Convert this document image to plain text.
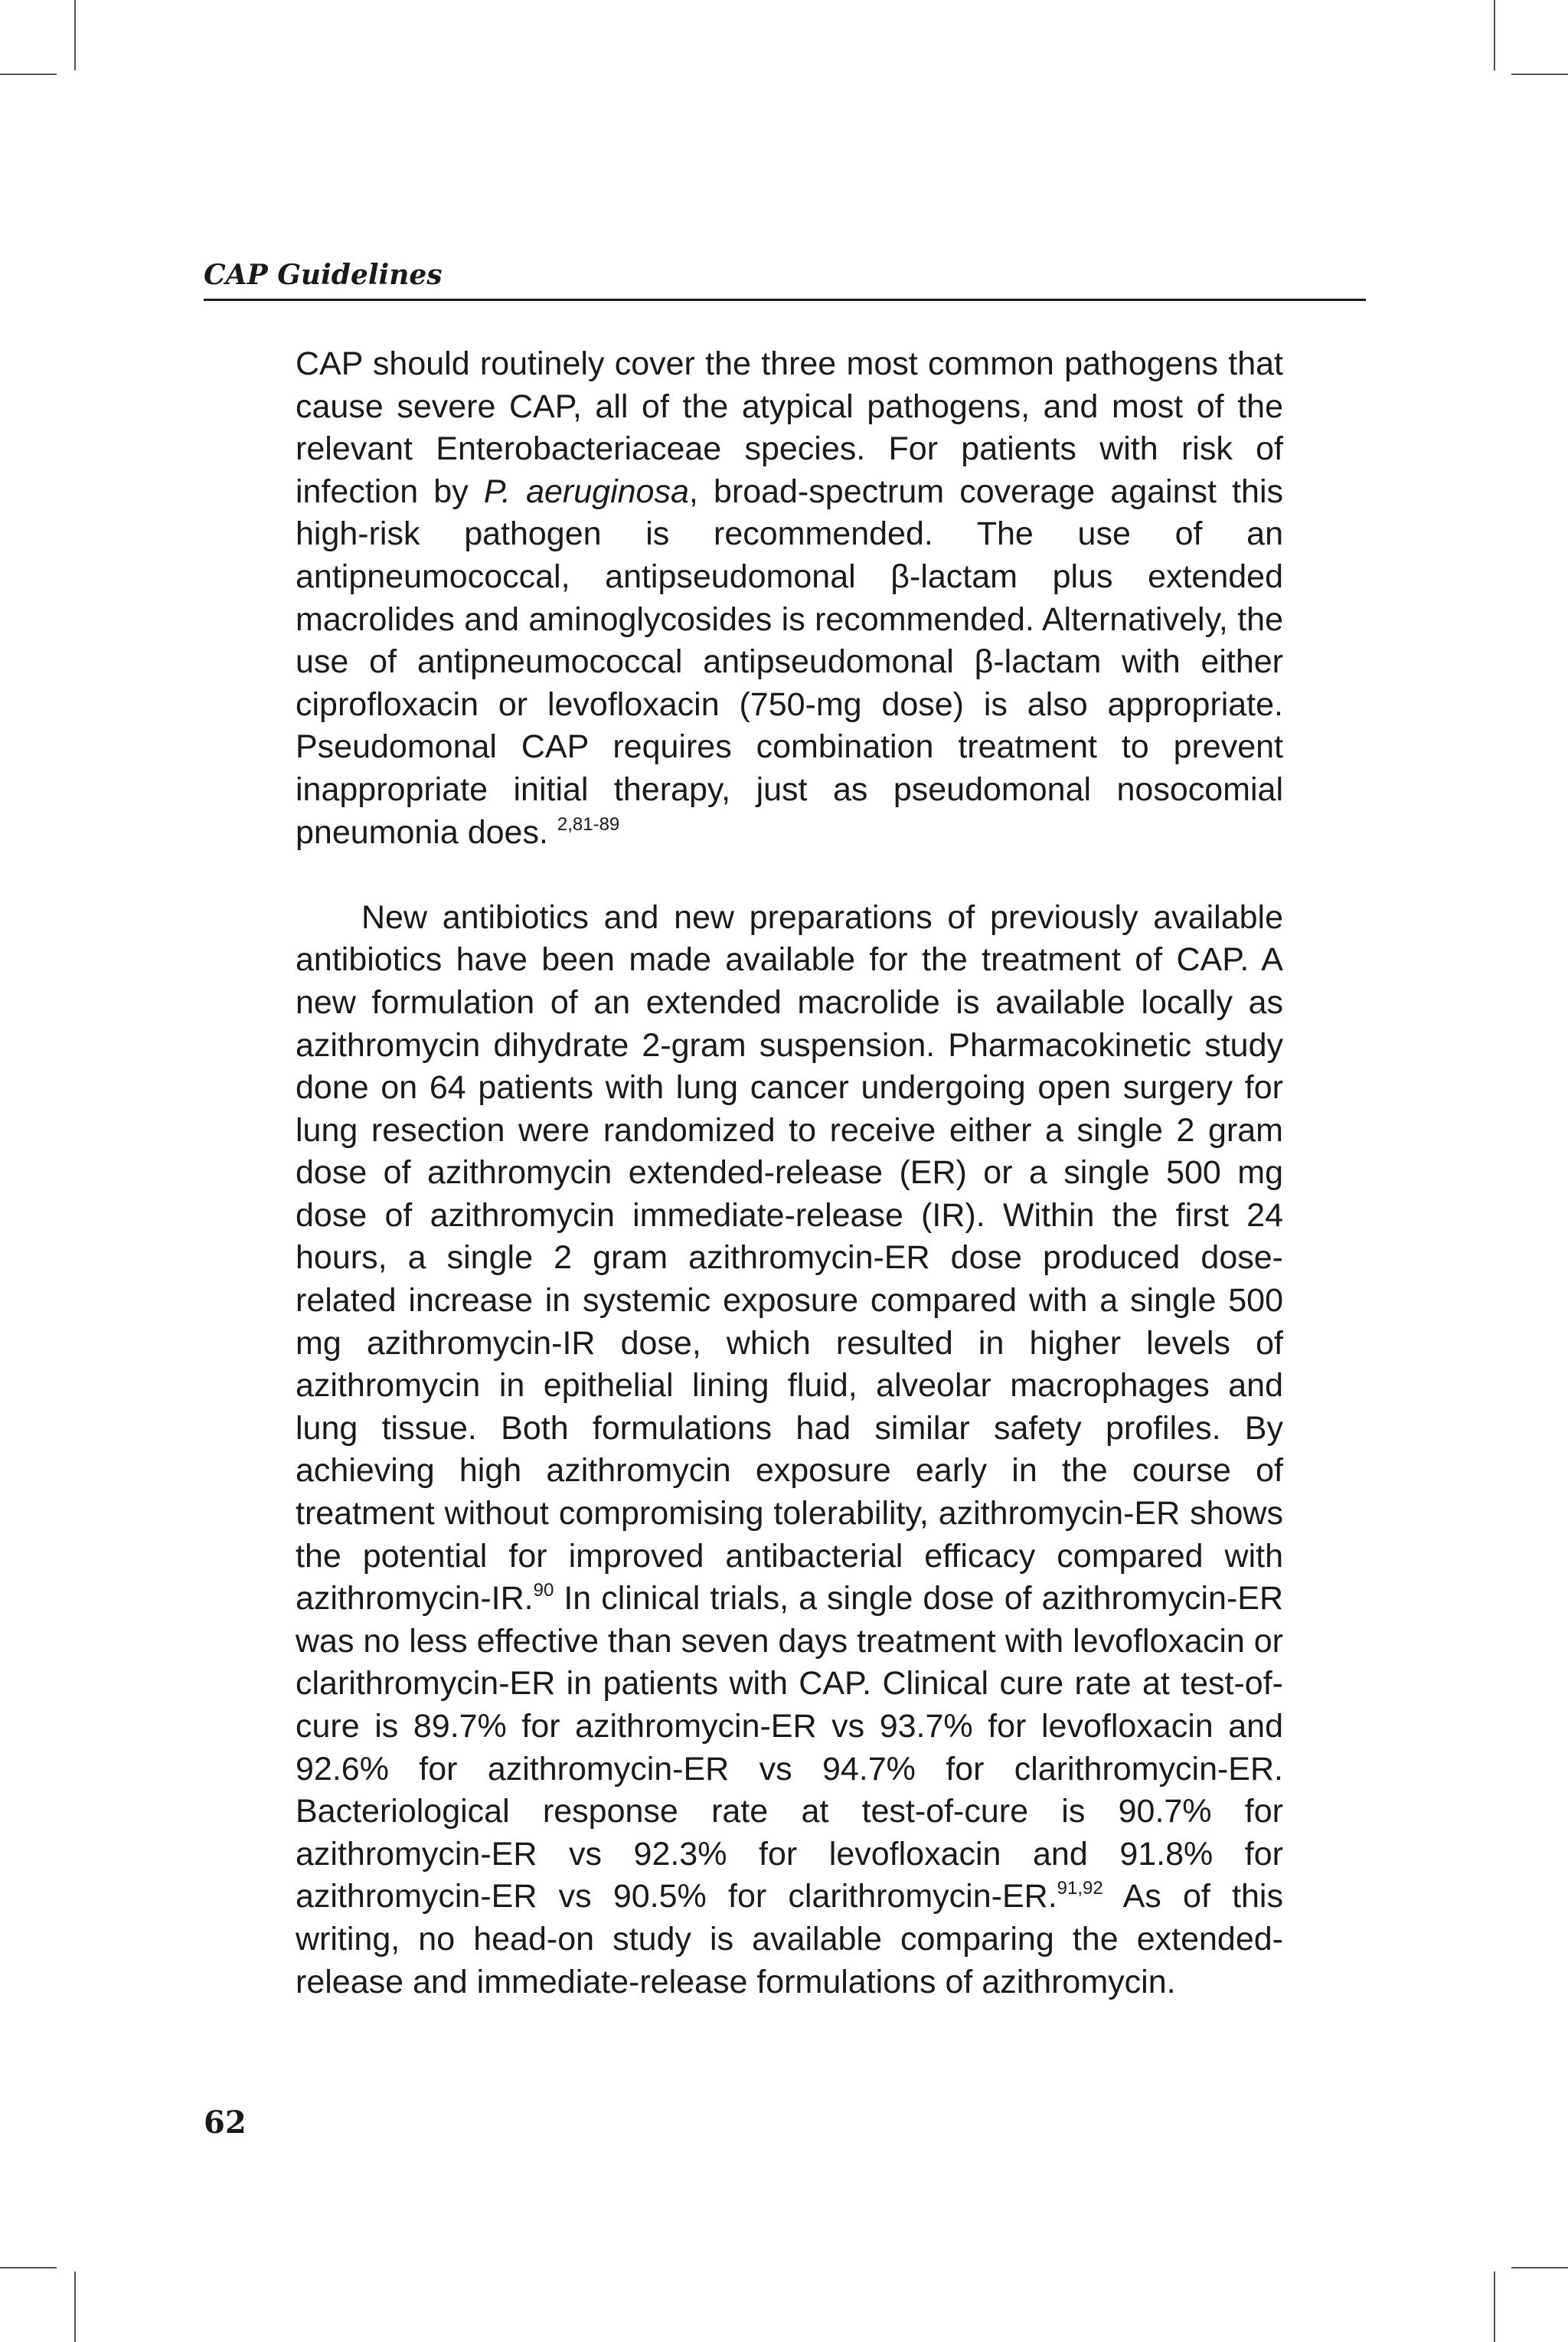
CAP Guidelines

CAP should routinely cover the three most common pathogens that cause severe CAP, all of the atypical pathogens, and most of the relevant Enterobacteriaceae species. For patients with risk of infection by P. aeruginosa, broad-spectrum coverage against this high-risk pathogen is recommended. The use of an antipneumococcal, antipseudomonal β-lactam plus extended macrolides and aminoglycosides is recommended. Alternatively, the use of antipneumococcal antipseudomonal β-lactam with either ciprofloxacin or levofloxacin (750-mg dose) is also appropriate. Pseudomonal CAP requires combination treatment to prevent inappropriate initial therapy, just as pseudomonal nosocomial pneumonia does. $^{2,81-89}$

New antibiotics and new preparations of previously available antibiotics have been made available for the treatment of CAP. A new formulation of an extended macrolide is available locally as azithromycin dihydrate 2-gram suspension. Pharmacokinetic study done on 64 patients with lung cancer undergoing open surgery for lung resection were randomized to receive either a single 2 gram dose of azithromycin extended-release (ER) or a single 500 mg dose of azithromycin immediate-release (IR). Within the first 24 hours, a single 2 gram azithromycin-ER dose produced dose-related increase in systemic exposure compared with a single 500 mg azithromycin-IR dose, which resulted in higher levels of azithromycin in epithelial lining fluid, alveolar macrophages and lung tissue. Both formulations had similar safety profiles. By achieving high azithromycin exposure early in the course of treatment without compromising tolerability, azithromycin-ER shows the potential for improved antibacterial efficacy compared with azithromycin-IR.$^{90}$ In clinical trials, a single dose of azithromycin-ER was no less effective than seven days treatment with levofloxacin or clarithromycin-ER in patients with CAP. Clinical cure rate at test-of-cure is 89.7% for azithromycin-ER vs 93.7% for levofloxacin and 92.6% for azithromycin-ER vs 94.7% for clarithromycin-ER. Bacteriological response rate at test-of-cure is 90.7% for azithromycin-ER vs 92.3% for levofloxacin and 91.8% for azithromycin-ER vs 90.5% for clarithromycin-ER.$^{91,92}$ As of this writing, no head-on study is available comparing the extended-release and immediate-release formulations of azithromycin.

62
